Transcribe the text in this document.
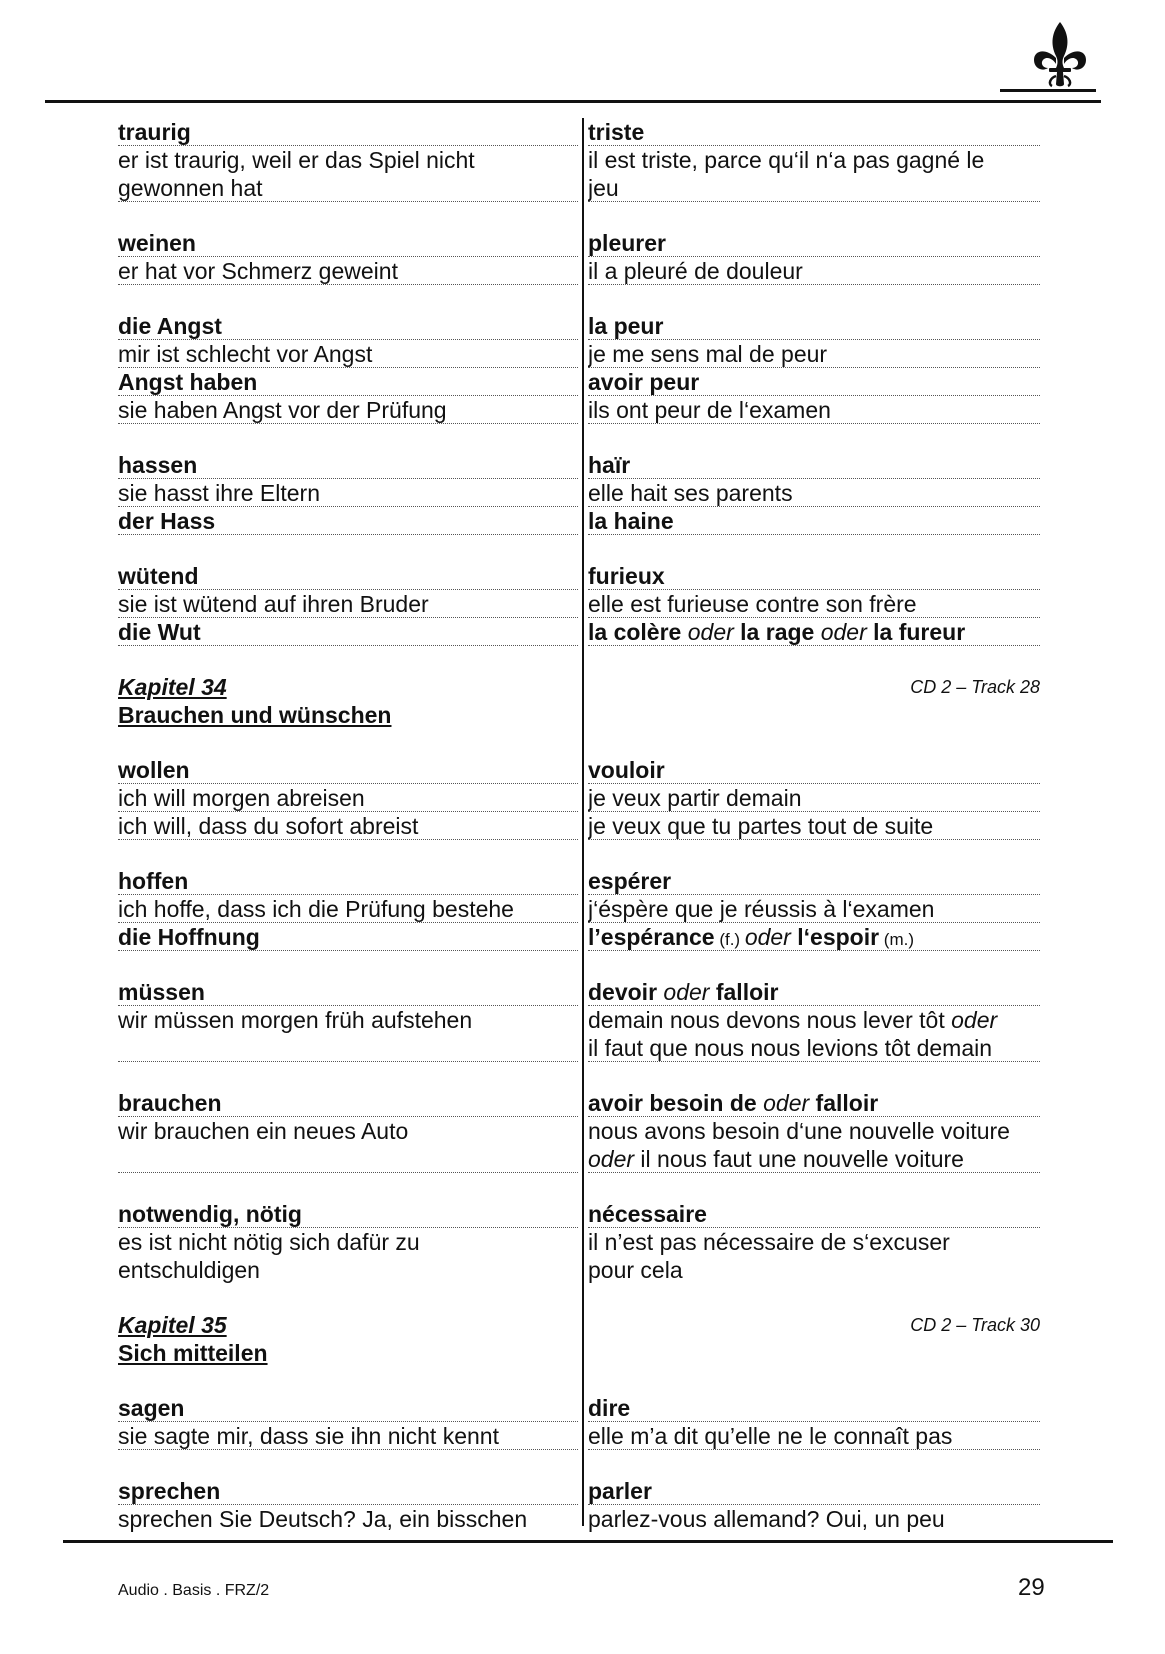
traurig	triste
er ist traurig, weil er das Spiel nicht	il est triste, parce qu‘il n‘a pas gagné le
gewonnen hat	jeu
weinen	pleurer
er hat vor Schmerz geweint	il a pleuré de douleur
die Angst	la peur
mir ist schlecht vor Angst	je me sens mal de peur
Angst haben	avoir peur
sie haben Angst vor der Prüfung	ils ont peur de l‘examen
hassen	haïr
sie hasst ihre Eltern	elle hait ses parents
der Hass	la haine
wütend	furieux
sie ist wütend auf ihren Bruder	elle est furieuse contre son frère
die Wut	la colère oder la rage oder la fureur
Kapitel 34	CD 2 – Track 28
Brauchen und wünschen
wollen	vouloir
ich will morgen abreisen	je veux partir demain
ich will, dass du sofort abreist	je veux que tu partes tout de suite
hoffen	espérer
ich hoffe, dass ich die Prüfung bestehe	j‘éspère que je réussis à l‘examen
die Hoffnung	l’espérance (f.) oder l‘espoir (m.)
müssen	devoir oder falloir
wir müssen morgen früh aufstehen	demain nous devons nous lever tôt oder
il faut que nous nous levions tôt demain
brauchen	avoir besoin de oder falloir
wir brauchen ein neues Auto	nous avons besoin d‘une nouvelle voiture
oder il nous faut une nouvelle voiture
notwendig, nötig	nécessaire
es ist nicht nötig sich dafür zu	il n’est pas nécessaire de s‘excuser
entschuldigen	pour cela
Kapitel 35	CD 2 – Track 30
Sich mitteilen
sagen	dire
sie sagte mir, dass sie ihn nicht kennt	elle m’a dit qu’elle ne le connaît pas
sprechen	parler
sprechen Sie Deutsch? Ja, ein bisschen	parlez-vous allemand? Oui, un peu
Audio . Basis . FRZ/2	29
